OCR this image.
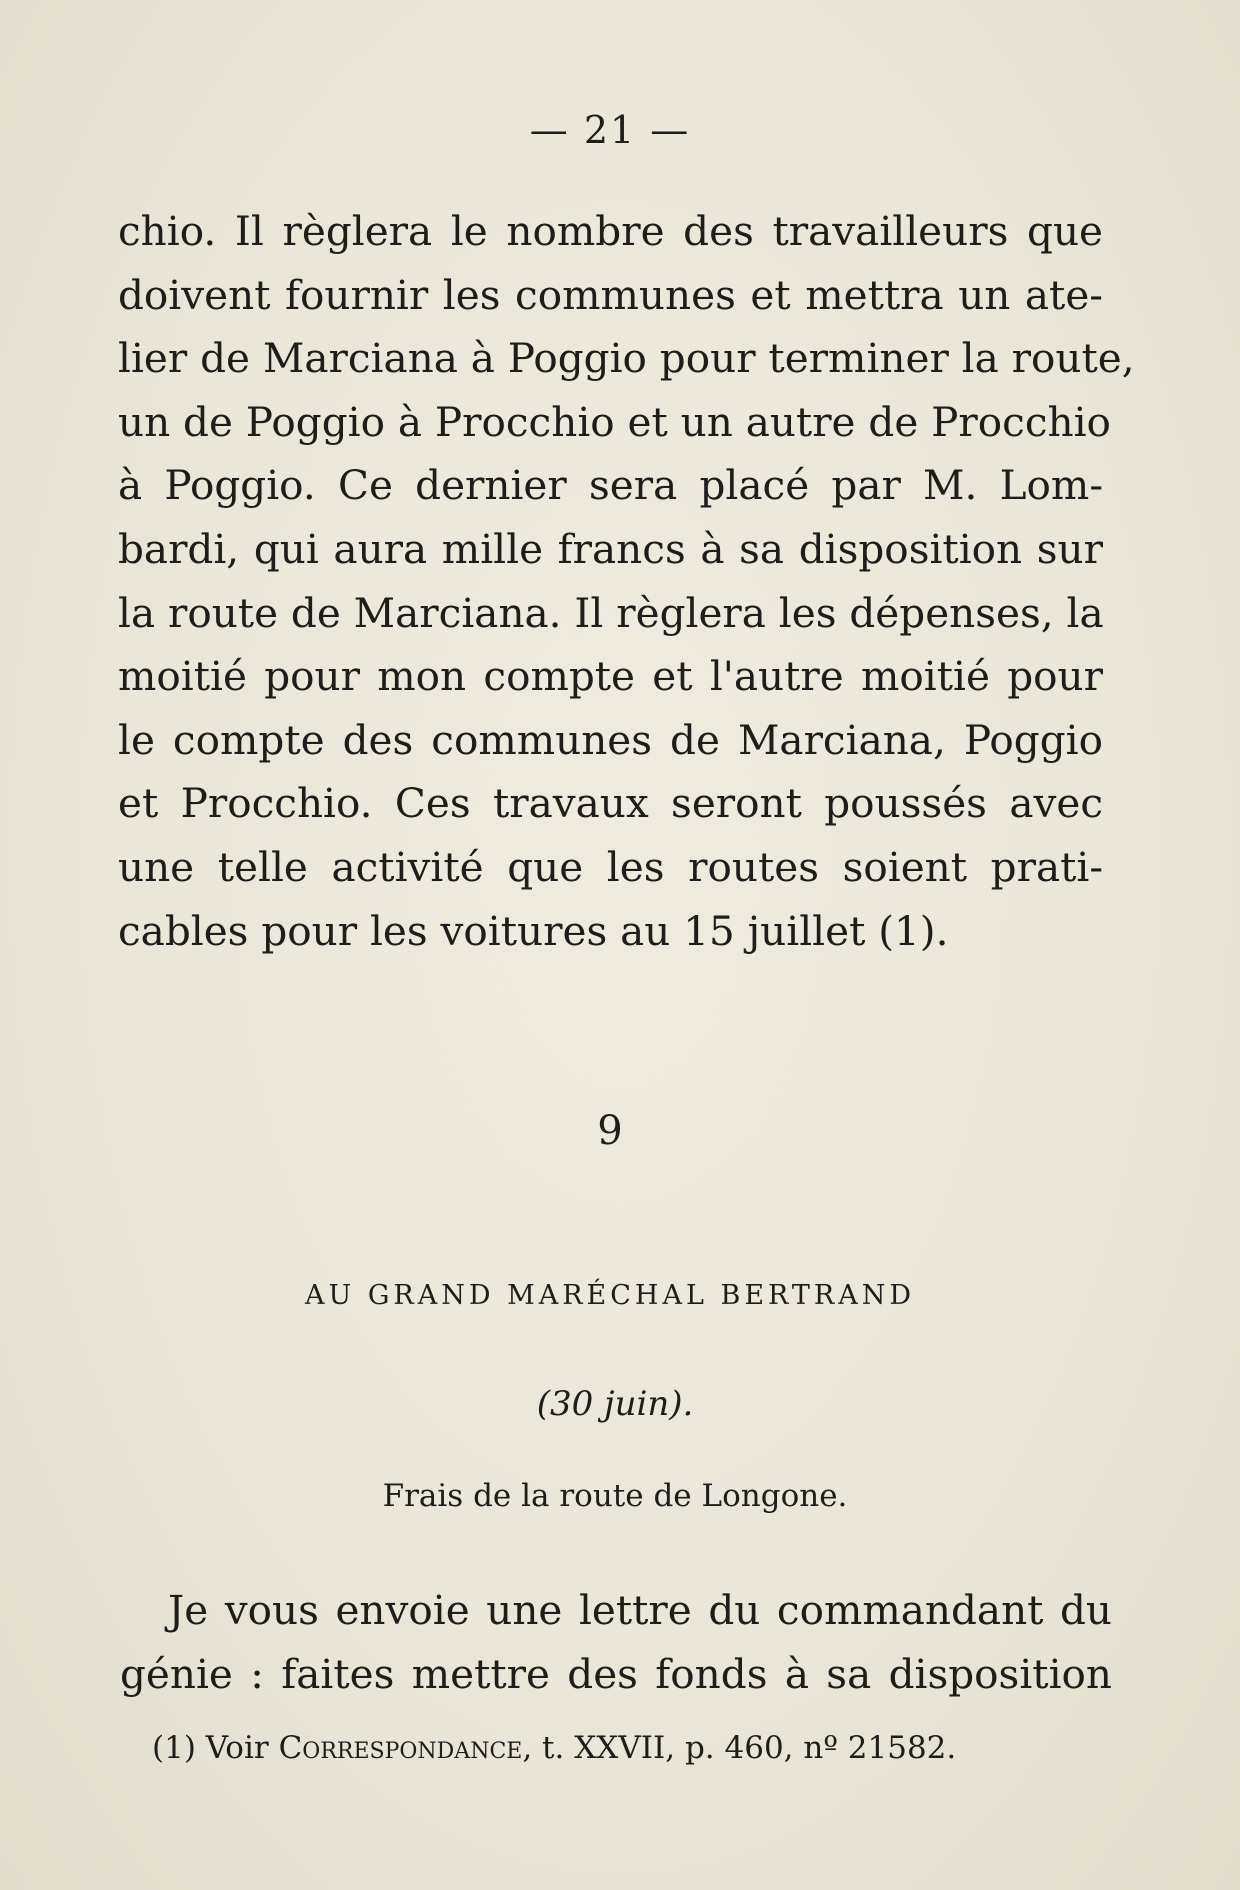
— 21 —
chio. Il règlera le nombre des travailleurs que
doivent fournir les communes et mettra un ate-
lier de Marciana à Poggio pour terminer la route,
un de Poggio à Procchio et un autre de Procchio
à Poggio. Ce dernier sera placé par M. Lom-
bardi, qui aura mille francs à sa disposition sur
la route de Marciana. Il règlera les dépenses, la
moitié pour mon compte et l'autre moitié pour
le compte des communes de Marciana, Poggio
et Procchio. Ces travaux seront poussés avec
une telle activité que les routes soient prati-
cables pour les voitures au 15 juillet (1).
9
AU GRAND MARÉCHAL BERTRAND
(30 juin).
Frais de la route de Longone.
Je vous envoie une lettre du commandant du
génie : faites mettre des fonds à sa disposition
(1) Voir Correspondance, t. XXVII, p. 460, nº 21582.
